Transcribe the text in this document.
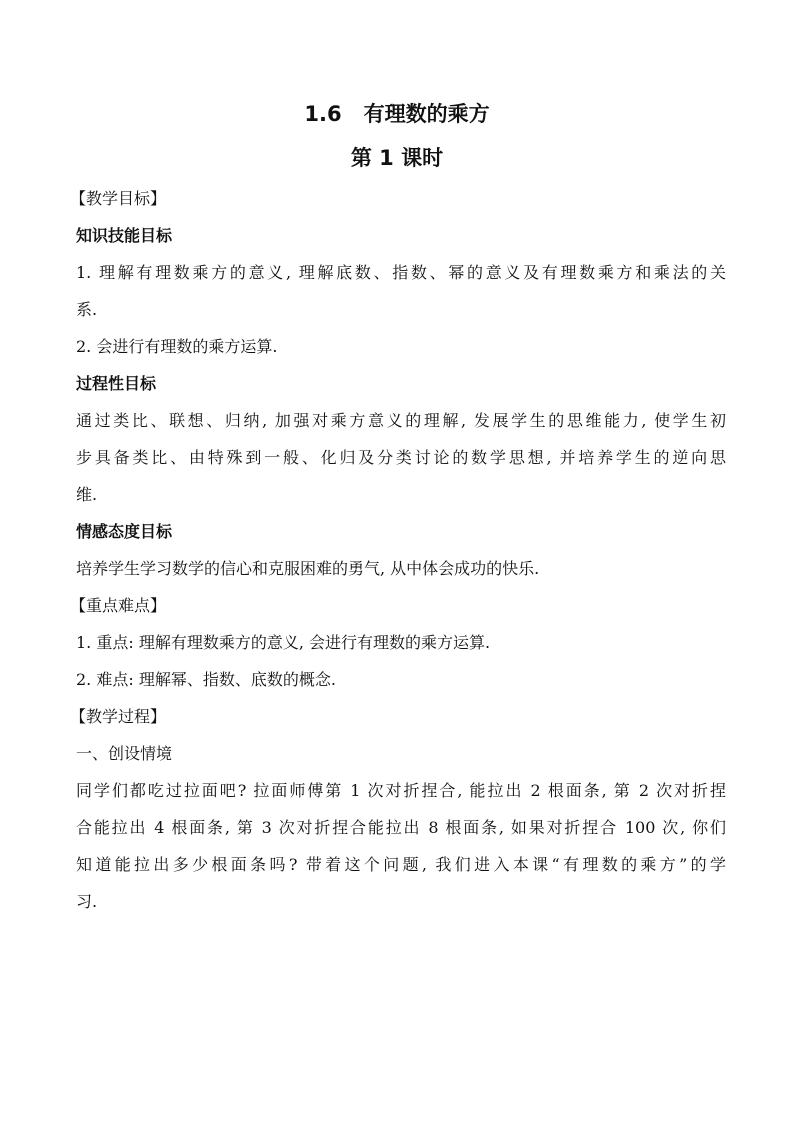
1.6 有理数的乘方
第 1 课时

【教学目标】

知识技能目标

1. 理解有理数乘方的意义, 理解底数、指数、幂的意义及有理数乘方和乘法的关

系.

2. 会进行有理数的乘方运算.

过程性目标

通过类比、联想、归纳, 加强对乘方意义的理解, 发展学生的思维能力, 使学生初

步具备类比、由特殊到一般、化归及分类讨论的数学思想, 并培养学生的逆向思

维.

情感态度目标

培养学生学习数学的信心和克服困难的勇气, 从中体会成功的快乐.

【重点难点】

1. 重点: 理解有理数乘方的意义, 会进行有理数的乘方运算.

2. 难点: 理解幂、指数、底数的概念.

【教学过程】

一、创设情境

同学们都吃过拉面吧? 拉面师傅第 1 次对折捏合, 能拉出 2 根面条, 第 2 次对折捏

合能拉出 4 根面条, 第 3 次对折捏合能拉出 8 根面条, 如果对折捏合 100 次, 你们

知道能拉出多少根面条吗? 带着这个问题, 我们进入本课“有理数的乘方”的学

习.
